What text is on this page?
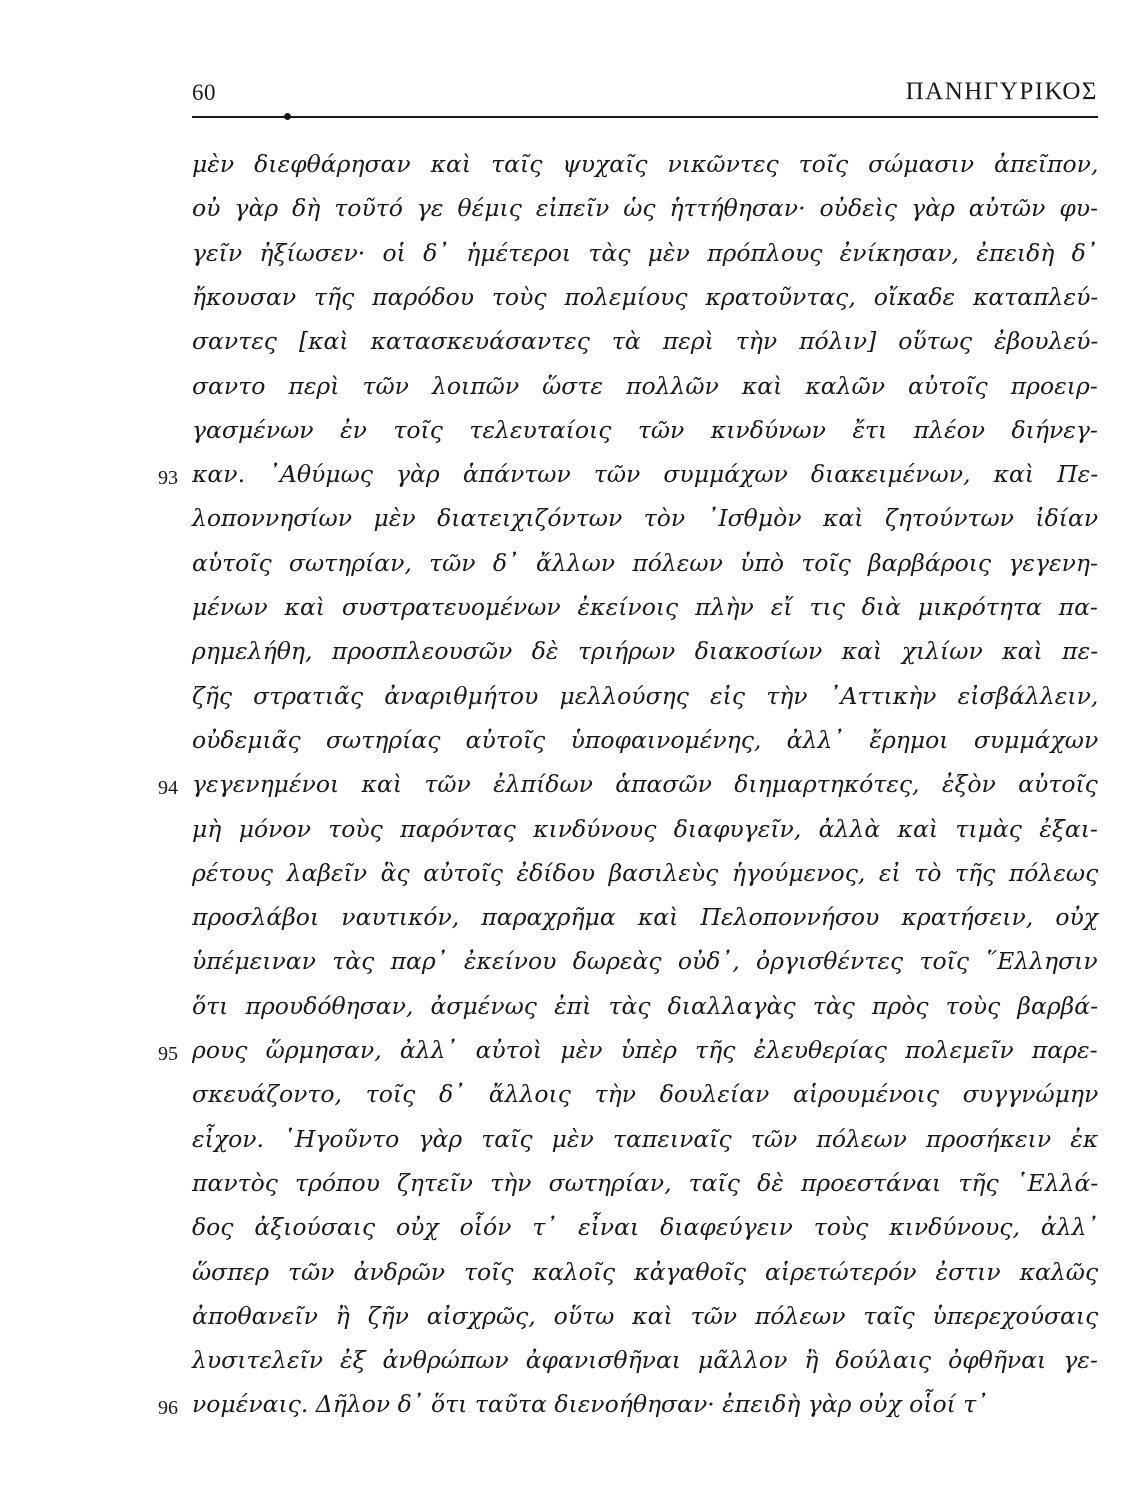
60	ΠΑΝΗΓΥΡΙΚΟΣ
93
94
95
96
μὲν διεφθάρησαν καὶ ταῖς ψυχαῖς νικῶντες τοῖς σώμασιν ἀπεῖπον,
οὐ γὰρ δὴ τοῦτό γε θέμις εἰπεῖν ὡς ἡττήθησαν· οὐδεὶς γὰρ αὐτῶν φυ-
γεῖν ἠξίωσεν· οἱ δ᾽ ἡμέτεροι τὰς μὲν πρόπλους ἐνίκησαν, ἐπειδὴ δ᾽
ἤκουσαν τῆς παρόδου τοὺς πολεμίους κρατοῦντας, οἴκαδε καταπλεύ-
σαντες [καὶ κατασκευάσαντες τὰ περὶ τὴν πόλιν] οὕτως ἐβουλεύ-
σαντο περὶ τῶν λοιπῶν ὥστε πολλῶν καὶ καλῶν αὐτοῖς προειρ-
γασμένων ἐν τοῖς τελευταίοις τῶν κινδύνων ἔτι πλέον διήνεγ-
καν. ᾿Αθύμως γὰρ ἁπάντων τῶν συμμάχων διακειμένων, καὶ Πε-
λοποννησίων μὲν διατειχιζόντων τὸν ᾿Ισθμὸν καὶ ζητούντων ἰδίαν
αὑτοῖς σωτηρίαν, τῶν δ᾽ ἄλλων πόλεων ὑπὸ τοῖς βαρβάροις γεγενη-
μένων καὶ συστρατευομένων ἐκείνοις πλὴν εἴ τις διὰ μικρότητα πα-
ρημελήθη, προσπλεουσῶν δὲ τριήρων διακοσίων καὶ χιλίων καὶ πε-
ζῆς στρατιᾶς ἀναριθμήτου μελλούσης εἰς τὴν ᾿Αττικὴν εἰσβάλλειν,
οὐδεμιᾶς σωτηρίας αὐτοῖς ὑποφαινομένης, ἀλλ᾽ ἔρημοι συμμάχων
γεγενημένοι καὶ τῶν ἐλπίδων ἁπασῶν διημαρτηκότες, ἐξὸν αὐτοῖς
μὴ μόνον τοὺς παρόντας κινδύνους διαφυγεῖν, ἀλλὰ καὶ τιμὰς ἐξαι-
ρέτους λαβεῖν ἃς αὐτοῖς ἐδίδου βασιλεὺς ἡγούμενος, εἰ τὸ τῆς πόλεως
προσλάβοι ναυτικόν, παραχρῆμα καὶ Πελοποννήσου κρατήσειν, οὐχ
ὑπέμειναν τὰς παρ᾽ ἐκείνου δωρεὰς οὐδ᾽, ὀργισθέντες τοῖς ῞Ελλησιν
ὅτι προυδόθησαν, ἀσμένως ἐπὶ τὰς διαλλαγὰς τὰς πρὸς τοὺς βαρβά-
ρους ὥρμησαν, ἀλλ᾽ αὐτοὶ μὲν ὑπὲρ τῆς ἐλευθερίας πολεμεῖν παρε-
σκευάζοντο, τοῖς δ᾽ ἄλλοις τὴν δουλείαν αἱρουμένοις συγγνώμην
εἶχον. ῾Ηγοῦντο γὰρ ταῖς μὲν ταπειναῖς τῶν πόλεων προσήκειν ἐκ
παντὸς τρόπου ζητεῖν τὴν σωτηρίαν, ταῖς δὲ προεστάναι τῆς ῾Ελλά-
δος ἀξιούσαις οὐχ οἷόν τ᾽ εἶναι διαφεύγειν τοὺς κινδύνους, ἀλλ᾽
ὥσπερ τῶν ἀνδρῶν τοῖς καλοῖς κἀγαθοῖς αἱρετώτερόν ἐστιν καλῶς
ἀποθανεῖν ἢ ζῆν αἰσχρῶς, οὕτω καὶ τῶν πόλεων ταῖς ὑπερεχούσαις
λυσιτελεῖν ἐξ ἀνθρώπων ἀφανισθῆναι μᾶλλον ἢ δούλαις ὀφθῆναι γε-
νομέναις. Δῆλον δ᾽ ὅτι ταῦτα διενοήθησαν· ἐπειδὴ γὰρ οὐχ οἷοί τ᾽
